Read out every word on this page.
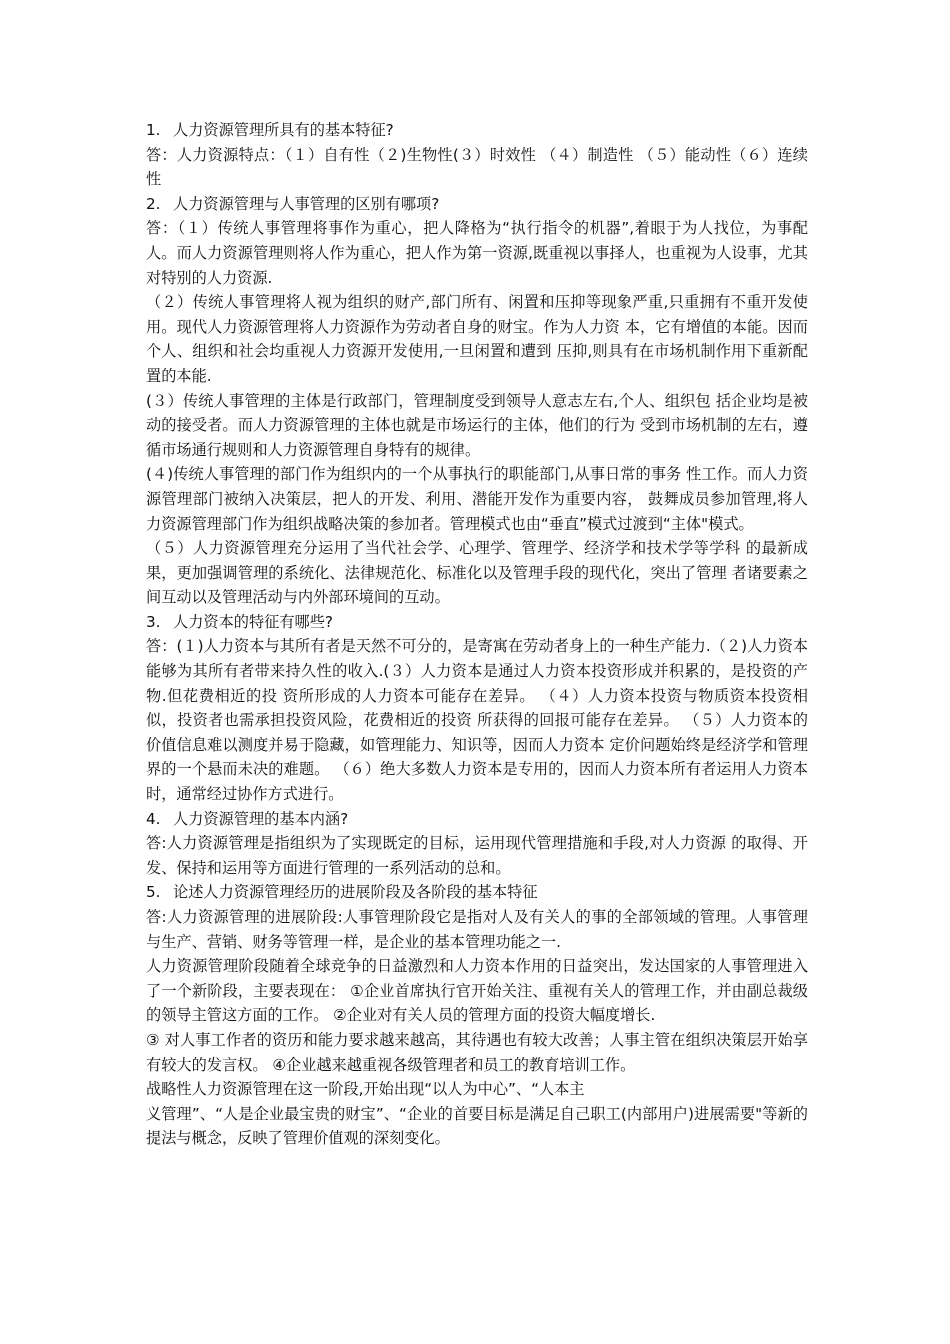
1. 人力资源管理所具有的基本特征?

答：人力资源特点：（１）自有性（２)生物性(３）时效性 （４）制造性 （５）能动性（６）连续性

2. 人力资源管理与人事管理的区别有哪项?

答：（１）传统人事管理将事作为重心，把人降格为“执行指令的机器”,着眼于为人找位，为事配人。而人力资源管理则将人作为重心，把人作为第一资源,既重视以事择人，也重视为人设事，尤其对特别的人力资源.

（２）传统人事管理将人视为组织的财产,部门所有、闲置和压抑等现象严重,只重拥有不重开发使用。现代人力资源管理将人力资源作为劳动者自身的财宝。作为人力资 本，它有增值的本能。因而个人、组织和社会均重视人力资源开发使用,一旦闲置和遭到 压抑,则具有在市场机制作用下重新配置的本能.

(３）传统人事管理的主体是行政部门，管理制度受到领导人意志左右,个人、组织包 括企业均是被动的接受者。而人力资源管理的主体也就是市场运行的主体，他们的行为 受到市场机制的左右，遵循市场通行规则和人力资源管理自身特有的规律。

(４)传统人事管理的部门作为组织内的一个从事执行的职能部门,从事日常的事务 性工作。而人力资源管理部门被纳入决策层，把人的开发、利用、潜能开发作为重要内容， 鼓舞成员参加管理,将人力资源管理部门作为组织战略决策的参加者。管理模式也由“垂直”模式过渡到“主体"模式。

（５）人力资源管理充分运用了当代社会学、心理学、管理学、经济学和技术学等学科 的最新成果，更加强调管理的系统化、法律规范化、标准化以及管理手段的现代化，突出了管理 者诸要素之间互动以及管理活动与内外部环境间的互动。

3. 人力资本的特征有哪些?

答：(１)人力资本与其所有者是天然不可分的，是寄寓在劳动者身上的一种生产能力.（２)人力资本能够为其所有者带来持久性的收入.(３）人力资本是通过人力资本投资形成并积累的，是投资的产物.但花费相近的投 资所形成的人力资本可能存在差异。 （４）人力资本投资与物质资本投资相似，投资者也需承担投资风险，花费相近的投资 所获得的回报可能存在差异。 （５）人力资本的价值信息难以测度并易于隐藏，如管理能力、知识等，因而人力资本 定价问题始终是经济学和管理界的一个悬而未决的难题。 （６）绝大多数人力资本是专用的，因而人力资本所有者运用人力资本时，通常经过协作方式进行。

4. 人力资源管理的基本内涵?

答:人力资源管理是指组织为了实现既定的目标，运用现代管理措施和手段,对人力资源 的取得、开发、保持和运用等方面进行管理的一系列活动的总和。

5. 论述人力资源管理经历的进展阶段及各阶段的基本特征

答:人力资源管理的进展阶段:人事管理阶段它是指对人及有关人的事的全部领域的管理。人事管理与生产、营销、财务等管理一样，是企业的基本管理功能之一.

人力资源管理阶段随着全球竞争的日益激烈和人力资本作用的日益突出，发达国家的人事管理进入了一个新阶段，主要表现在： ①企业首席执行官开始关注、重视有关人的管理工作，并由副总裁级的领导主管这方面的工作。 ②企业对有关人员的管理方面的投资大幅度增长.

③ 对人事工作者的资历和能力要求越来越高，其待遇也有较大改善；人事主管在组织决策层开始享有较大的发言权。 ④企业越来越重视各级管理者和员工的教育培训工作。

战略性人力资源管理在这一阶段,开始出现“以人为中心”、“人本主

义管理”、“人是企业最宝贵的财宝”、“企业的首要目标是满足自己职工(内部用户)进展需要"等新的提法与概念，反映了管理价值观的深刻变化。
